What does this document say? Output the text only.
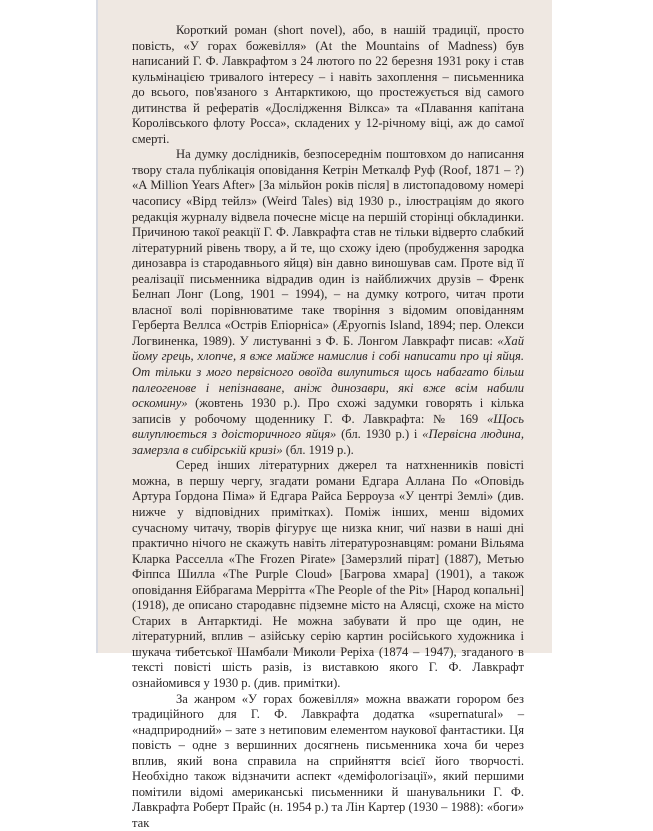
Короткий роман (short novel), або, в нашій традиції, просто повість, «У горах божевілля» (At the Mountains of Madness) був написаний Г. Ф. Лавкрафтом з 24 лютого по 22 березня 1931 року і став кульмінацією тривалого інтересу – і навіть захоплення – письменника до всього, пов'язаного з Антарктикою, що простежується від самого дитинства й рефератів «Дослідження Вілкса» та «Плавання капітана Королівського флоту Росса», складених у 12-річному віці, аж до самої смерті.

На думку дослідників, безпосереднім поштовхом до написання твору стала публікація оповідання Кетрін Меткалф Руф (Roof, 1871 – ?) «A Million Years After» [За мільйон років після] в листопадовому номері часопису «Вірд тейлз» (Weird Tales) від 1930 р., ілюстраціям до якого редакція журналу відвела почесне місце на першій сторінці обкладинки. Причиною такої реакції Г. Ф. Лавкрафта став не тільки відверто слабкий літературний рівень твору, а й те, що схожу ідею (пробудження зародка динозавра із стародавнього яйця) він давно виношував сам. Проте від її реалізації письменника відрадив один із найближчих друзів – Френк Белнап Лонг (Long, 1901 – 1994), – на думку котрого, читач проти власної волі порівнюватиме таке творіння з відомим оповіданням Герберта Веллса «Острів Епіорніса» (Æpyornis Island, 1894; пер. Олекси Логвиненка, 1989). У листуванні з Ф. Б. Лонгом Лавкрафт писав: «Хай йому грець, хлопче, я вже майже намислив і собі написати про ці яйця. От тільки з мого первісного овоїда вилупиться щось набагато більш палеогенове і непізнаване, аніж динозаври, які вже всім набили оскомину» (жовтень 1930 р.). Про схожі задумки говорять і кілька записів у робочому щоденнику Г. Ф. Лавкрафта: № 169 «Щось вилуплюється з доісторичного яйця» (бл. 1930 р.) і «Первісна людина, замерзла в сибірській кризі» (бл. 1919 р.).

Серед інших літературних джерел та натхненників повісті можна, в першу чергу, згадати романи Едгара Аллана По «Оповідь Артура Ґордона Піма» й Едгара Райса Берроуза «У центрі Землі» (див. нижче у відповідних примітках). Поміж інших, менш відомих сучасному читачу, творів фігурує ще низка книг, чиї назви в наші дні практично нічого не скажуть навіть літературознавцям: романи Вільяма Кларка Расселла «The Frozen Pirate» [Замерзлий пірат] (1887), Метью Фіппса Шилла «The Purple Cloud» [Багрова хмара] (1901), а також оповідання Ейбрагама Меррітта «The People of the Pit» [Народ копальні] (1918), де описано стародавнє підземне місто на Алясці, схоже на місто Старих в Антарктиді. Не можна забувати й про ще один, не літературний, вплив – азійську серію картин російського художника і шукача тибетської Шамбали Миколи Реріха (1874 – 1947), згаданого в тексті повісті шість разів, із виставкою якого Г. Ф. Лавкрафт ознайомився у 1930 р. (див. примітки).

За жанром «У горах божевілля» можна вважати горором без традиційного для Г. Ф. Лавкрафта додатка «supernatural» – «надприродний» – зате з нетиповим елементом наукової фантастики. Ця повість – одне з вершинних досягнень письменника хоча би через вплив, який вона справила на сприйняття всієї його творчості. Необхідно також відзначити аспект «деміфологізації», який першими помітили відомі американські письменники й шанувальники Г. Ф. Лавкрафта Роберт Прайс (н. 1954 р.) та Лін Картер (1930 – 1988): «боги» так
